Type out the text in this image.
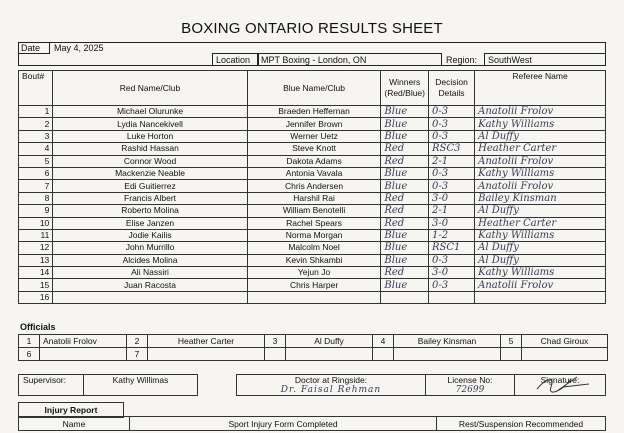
BOXING ONTARIO RESULTS SHEET
Date May 4, 2025
Location MPT Boxing - London, ON	Region: SouthWest
Bout#	Red Name/Club	Blue Name/Club	Winners (Red/Blue)	Decision Details	Referee Name
1	Michael Olurunke	Braeden Heffernan	Blue	0-3	Anatolii Frolov
2	Lydia Nancekivell	Jennifer Brown	Blue	0-3	Kathy Williams
3	Luke Horton	Werner Uetz	Blue	0-3	Al Duffy
4	Rashid Hassan	Steve Knott	Red	RSC3	Heather Carter
5	Connor Wood	Dakota Adams	Red	2-1	Anatolii Frolov
6	Mackenzie Neable	Antonia Vavala	Blue	0-3	Kathy Williams
7	Edi Guitierrez	Chris Andersen	Blue	0-3	Anatolii Frolov
8	Francis Albert	Harshil Rai	Red	3-0	Bailey Kinsman
9	Roberto Molina	William Benotelli	Red	2-1	Al Duffy
10	Elise Janzen	Rachel Spears	Red	3-0	Heather Carter
11	Jodie Kailis	Norma Morgan	Blue	1-2	Kathy Williams
12	John Murrillo	Malcolm Noel	Blue	RSC1	Al Duffy
13	Alcides Molina	Kevin Shkambi	Blue	0-3	Al Duffy
14	Ali Nassiri	Yejun Jo	Red	3-0	Kathy Williams
15	Juan Racosta	Chris Harper	Blue	0-3	Anatolii Frolov
16					
Officials
1	Anatolii Frolov	2	Heather Carter	3	Al Duffy	4	Bailey Kinsman	5	Chad Giroux
6		7							
Supervisor:	Kathy Willimas		Doctor at Ringside:
Dr. Faisal Rehman

License No:
72699

Signature:
Injury Report
Name	Sport Injury Form Completed	Rest/Suspension Recommended
